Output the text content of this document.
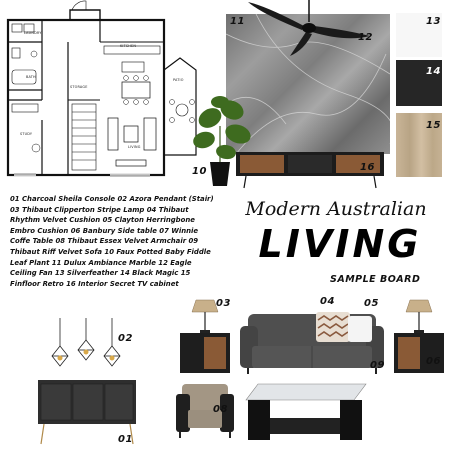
LAUNDRY
BATH
KITCHEN
STORAGE
STUDY
LIVING
PATIO
01 Charcoal Sheila Console 02 Azora Pendant (Stair) 03 Thibaut Clipperton Stripe Lamp 04 Thibaut Rhythm Velvet Cushion 05 Clayton Herringbone Embro Cushion 06 Banbury Side table 07 Winnie Coffe Table 08 Thibaut Essex Velvet Armchair 09 Thibaut Riff Velvet Sofa 10 Faux Potted Baby Fiddle Leaf Plant 11 Dulux Ambiance Marble 12 Eagle Ceiling Fan 13 Silverfeather 14 Black Magic 15 Finfloor Retro 16 Interior Secret TV cabinet
Modern Australian
LIVING
SAMPLE BOARD
01
02
03	04	05
06
07
08
09
10
11
12
13
14
15
16
